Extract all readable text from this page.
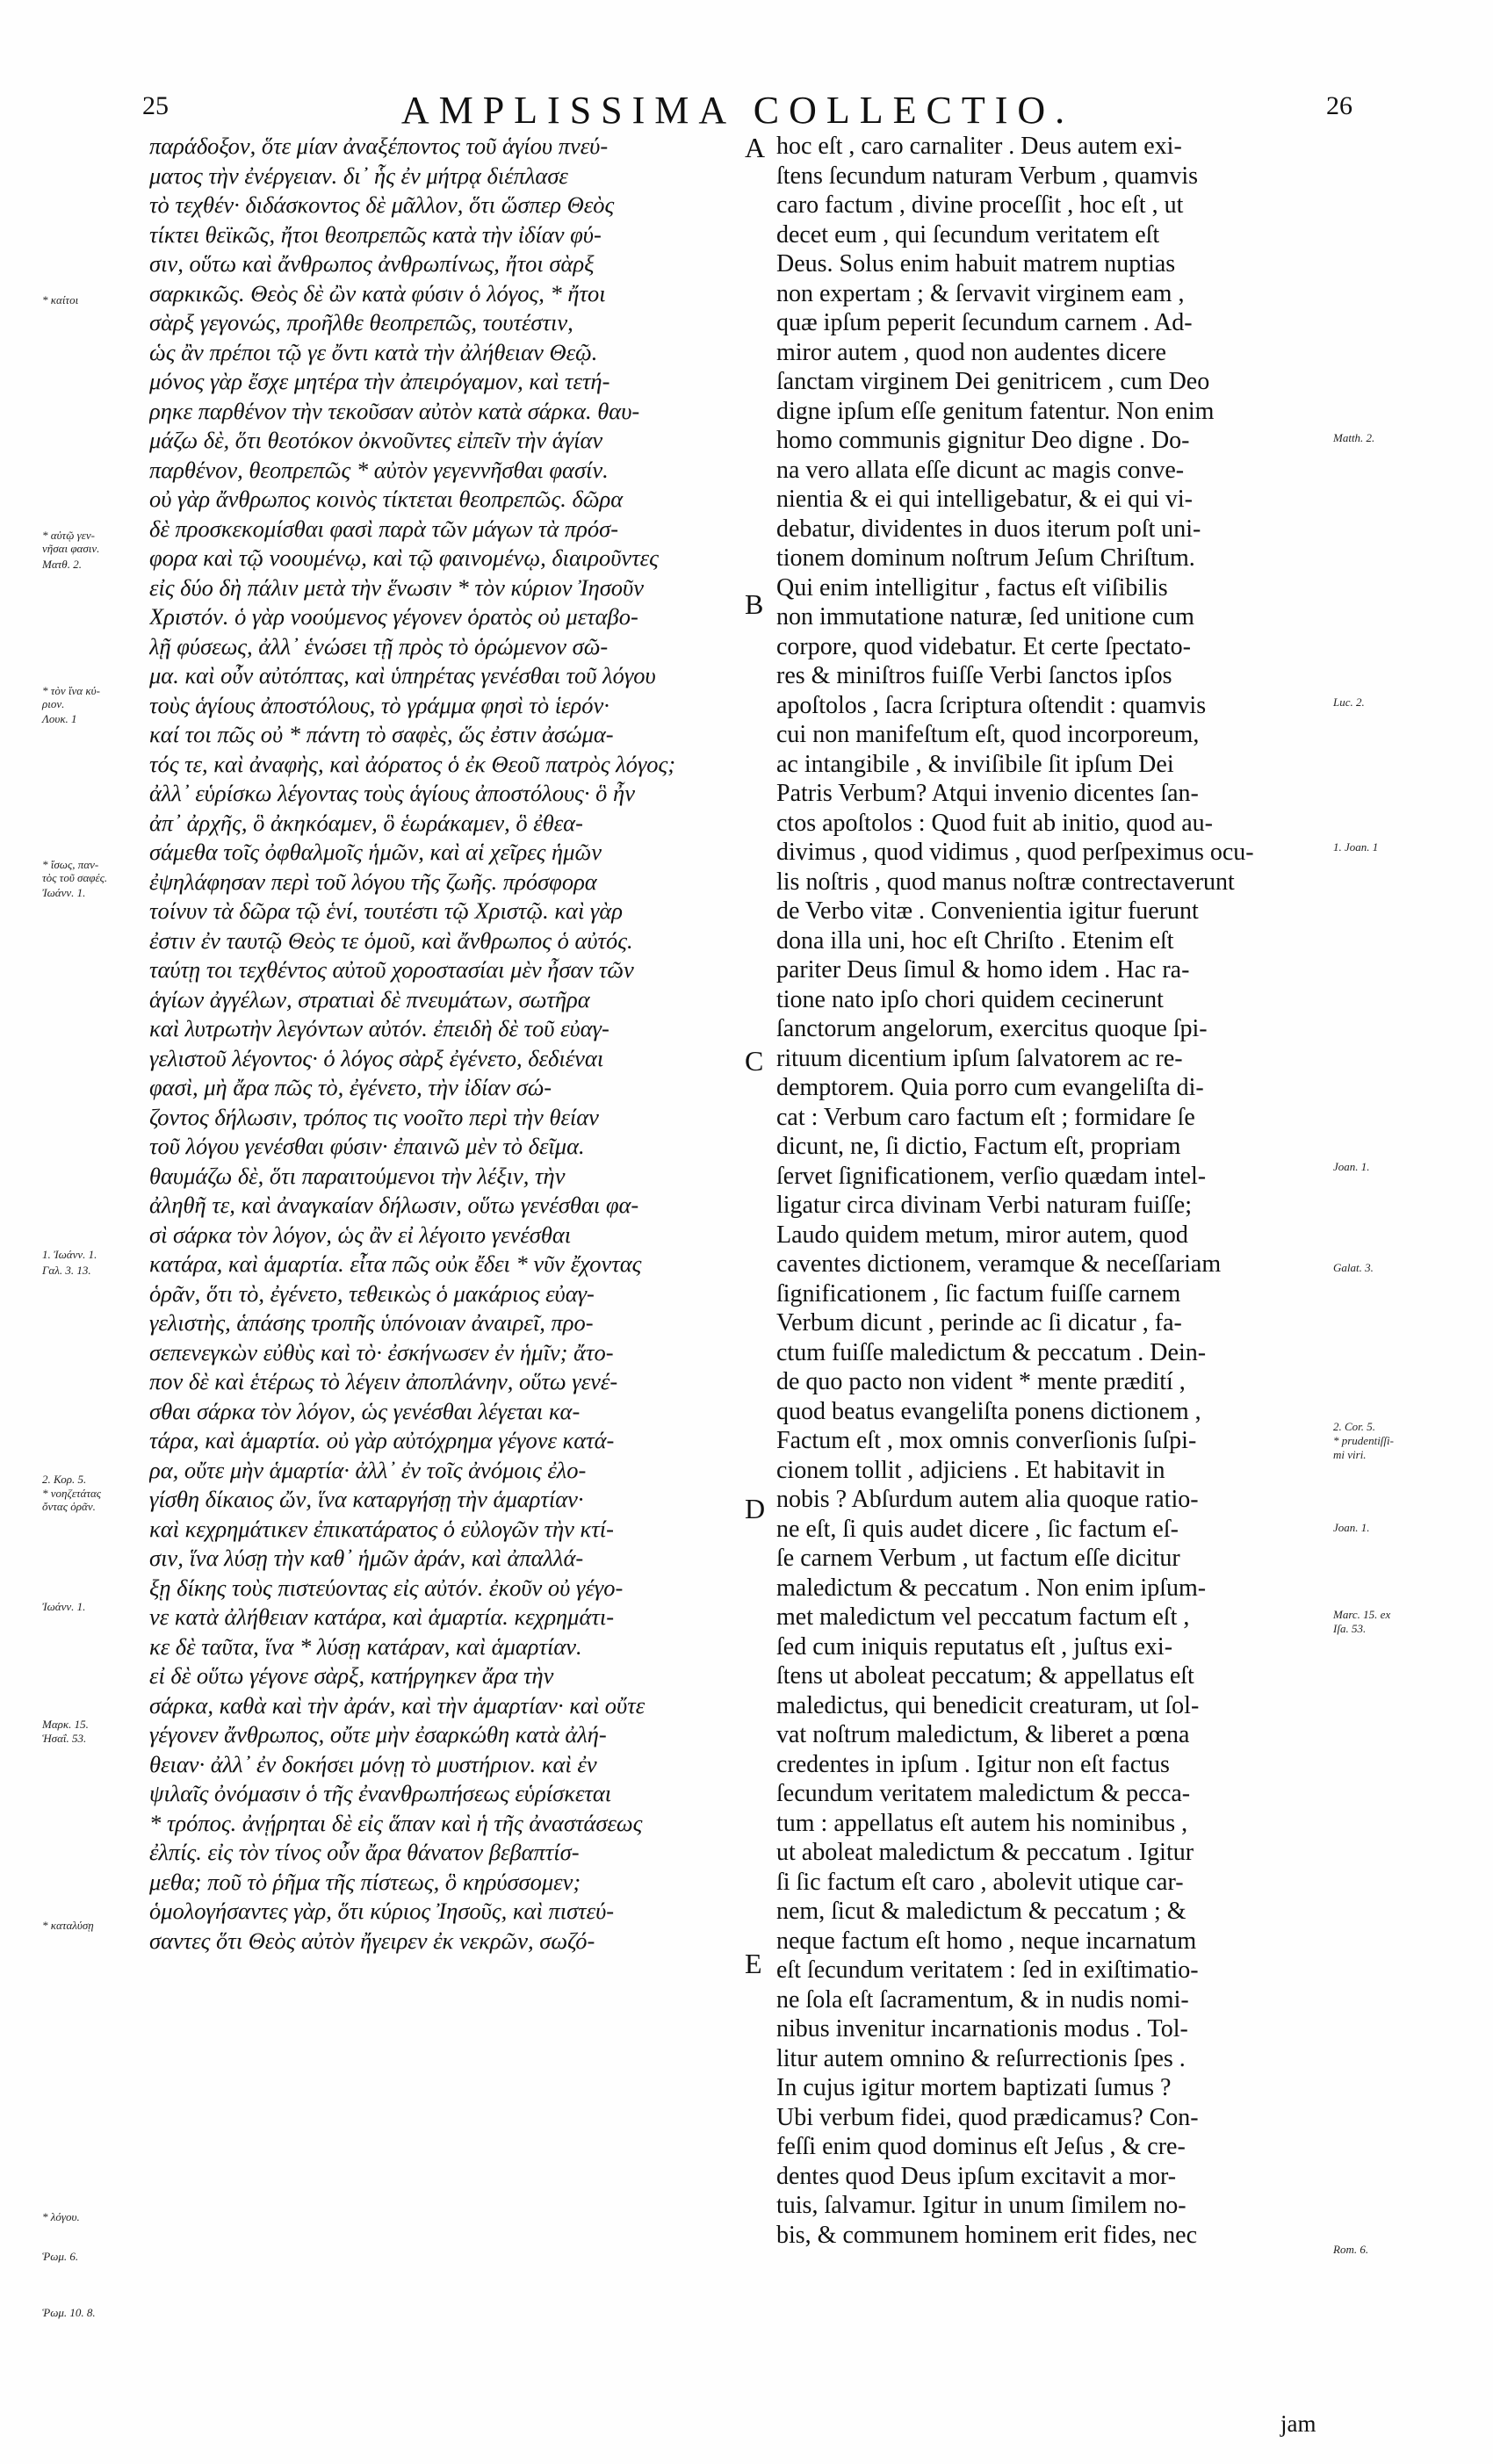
25	AMPLISSIMA COLLECTIO.	26
* καίτοι
* αὐτῷ γεν-
νῆσαι φασιν.
Ματθ. 2.
* τὸν ἵνα κύ-
ριον.
Λουκ. 1
* ἴσως, παν-
τὸς τοῦ σαφές.
Ἰωάνν. 1.
1. Ἰωάνν. 1.
Γαλ. 3. 13.
2. Κορ. 5.
* νοηζετάτας
ὄντας ὁρᾶν.
Ἰωάνν. 1.
Μαρκ. 15.
Ἡσαΐ. 53.
* καταλύσῃ
* λόγου.
Ῥωμ. 6.
Ῥωμ. 10. 8.
παράδοξον, ὅτε μίαν ἀναξέποντος τοῦ ἁγίου πνεύ-
ματος τὴν ἐνέργειαν. δι᾽ ἧς ἐν μήτρᾳ διέπλασε
τὸ τεχθέν· διδάσκοντος δὲ μᾶλλον, ὅτι ὥσπερ Θεὸς
τίκτει θεϊκῶς, ἤτοι θεοπρεπῶς κατὰ τὴν ἰδίαν φύ-
σιν, οὕτω καὶ ἄνθρωπος ἀνθρωπίνως, ἤτοι σὰρξ
σαρκικῶς. Θεὸς δὲ ὢν κατὰ φύσιν ὁ λόγος, * ἤτοι
σὰρξ γεγονώς, προῆλθε θεοπρεπῶς, τουτέστιν,
ὡς ἂν πρέποι τῷ γε ὄντι κατὰ τὴν ἀλήθειαν Θεῷ.
μόνος γὰρ ἔσχε μητέρα τὴν ἀπειρόγαμον, καὶ τετή-
ρηκε παρθένον τὴν τεκοῦσαν αὐτὸν κατὰ σάρκα. θαυ-
μάζω δὲ, ὅτι θεοτόκον ὀκνοῦντες εἰπεῖν τὴν ἁγίαν
παρθένον, θεοπρεπῶς * αὐτὸν γεγεννῆσθαι φασίν.
οὐ γὰρ ἄνθρωπος κοινὸς τίκτεται θεοπρεπῶς. δῶρα
δὲ προσκεκομίσθαι φασὶ παρὰ τῶν μάγων τὰ πρόσ-
φορα καὶ τῷ νοουμένῳ, καὶ τῷ φαινομένῳ, διαιροῦντες
εἰς δύο δὴ πάλιν μετὰ τὴν ἕνωσιν * τὸν κύριον Ἰησοῦν
Χριστόν. ὁ γὰρ νοούμενος γέγονεν ὁρατὸς οὐ μεταβο-
λῇ φύσεως, ἀλλ᾽ ἑνώσει τῇ πρὸς τὸ ὁρώμενον σῶ-
μα. καὶ οὖν αὐτόπτας, καὶ ὑπηρέτας γενέσθαι τοῦ λόγου
τοὺς ἁγίους ἀποστόλους, τὸ γράμμα φησὶ τὸ ἱερόν·
καί τοι πῶς οὐ * πάντη τὸ σαφὲς, ὥς ἐστιν ἀσώμα-
τός τε, καὶ ἀναφὴς, καὶ ἀόρατος ὁ ἐκ Θεοῦ πατρὸς λόγος;
ἀλλ᾽ εὑρίσκω λέγοντας τοὺς ἁγίους ἀποστόλους· ὃ ἦν
ἀπ᾽ ἀρχῆς, ὃ ἀκηκόαμεν, ὃ ἑωράκαμεν, ὃ ἐθεα-
σάμεθα τοῖς ὀφθαλμοῖς ἡμῶν, καὶ αἱ χεῖρες ἡμῶν
ἐψηλάφησαν περὶ τοῦ λόγου τῆς ζωῆς. πρόσφορα
τοίνυν τὰ δῶρα τῷ ἑνί, τουτέστι τῷ Χριστῷ. καὶ γὰρ
ἐστιν ἐν ταυτῷ Θεὸς τε ὁμοῦ, καὶ ἄνθρωπος ὁ αὐτός.
ταύτῃ τοι τεχθέντος αὐτοῦ χοροστασίαι μὲν ἦσαν τῶν
ἁγίων ἀγγέλων, στρατιαὶ δὲ πνευμάτων, σωτῆρα
καὶ λυτρωτὴν λεγόντων αὐτόν. ἐπειδὴ δὲ τοῦ εὐαγ-
γελιστοῦ λέγοντος· ὁ λόγος σὰρξ ἐγένετο, δεδιέναι
φασὶ, μὴ ἄρα πῶς τὸ, ἐγένετο, τὴν ἰδίαν σώ-
ζοντος δήλωσιν, τρόπος τις νοοῖτο περὶ τὴν θείαν
τοῦ λόγου γενέσθαι φύσιν· ἐπαινῶ μὲν τὸ δεῖμα.
θαυμάζω δὲ, ὅτι παραιτούμενοι τὴν λέξιν, τὴν
ἀληθῆ τε, καὶ ἀναγκαίαν δήλωσιν, οὕτω γενέσθαι φα-
σὶ σάρκα τὸν λόγον, ὡς ἂν εἰ λέγοιτο γενέσθαι
κατάρα, καὶ ἁμαρτία. εἶτα πῶς οὐκ ἔδει * νῦν ἔχοντας
ὁρᾶν, ὅτι τὸ, ἐγένετο, τεθεικὼς ὁ μακάριος εὐαγ-
γελιστὴς, ἁπάσης τροπῆς ὑπόνοιαν ἀναιρεῖ, προ-
σεπενεγκὼν εὐθὺς καὶ τὸ· ἐσκήνωσεν ἐν ἡμῖν; ἄτο-
πον δὲ καὶ ἑτέρως τὸ λέγειν ἀποπλάνην, οὕτω γενέ-
σθαι σάρκα τὸν λόγον, ὡς γενέσθαι λέγεται κα-
τάρα, καὶ ἁμαρτία. οὐ γὰρ αὐτόχρημα γέγονε κατά-
ρα, οὔτε μὴν ἁμαρτία· ἀλλ᾽ ἐν τοῖς ἀνόμοις ἐλο-
γίσθη δίκαιος ὤν, ἵνα καταργήσῃ τὴν ἁμαρτίαν·
καὶ κεχρημάτικεν ἐπικατάρατος ὁ εὐλογῶν τὴν κτί-
σιν, ἵνα λύσῃ τὴν καθ᾽ ἡμῶν ἀράν, καὶ ἀπαλλά-
ξῃ δίκης τοὺς πιστεύοντας εἰς αὐτόν. ἐκοῦν οὐ γέγο-
νε κατὰ ἀλήθειαν κατάρα, καὶ ἁμαρτία. κεχρημάτι-
κε δὲ ταῦτα, ἵνα * λύσῃ κατάραν, καὶ ἁμαρτίαν.
εἰ δὲ οὕτω γέγονε σὰρξ, κατήργηκεν ἄρα τὴν
σάρκα, καθὰ καὶ τὴν ἀράν, καὶ τὴν ἁμαρτίαν· καὶ οὔτε
γέγονεν ἄνθρωπος, οὔτε μὴν ἐσαρκώθη κατὰ ἀλή-
θειαν· ἀλλ᾽ ἐν δοκήσει μόνῃ τὸ μυστήριον. καὶ ἐν
ψιλαῖς ὀνόμασιν ὁ τῆς ἐνανθρωπήσεως εὑρίσκεται
* τρόπος. ἀνῄρηται δὲ εἰς ἅπαν καὶ ἡ τῆς ἀναστάσεως
ἐλπίς. εἰς τὸν τίνος οὖν ἄρα θάνατον βεβαπτίσ-
μεθα; ποῦ τὸ ῥῆμα τῆς πίστεως, ὃ κηρύσσομεν;
ὁμολογήσαντες γὰρ, ὅτι κύριος Ἰησοῦς, καὶ πιστεύ-
σαντες ὅτι Θεὸς αὐτὸν ἤγειρεν ἐκ νεκρῶν, σωζό-
A
B
C
D
E
hoc eſt , caro carnaliter . Deus autem exi-
ſtens ſecundum naturam Verbum , quamvis
caro factum , divine proceſſit , hoc eſt , ut
decet eum , qui ſecundum veritatem eſt
Deus. Solus enim habuit matrem nuptias
non expertam ; & ſervavit virginem eam ,
quæ ipſum peperit ſecundum carnem . Ad-
miror autem , quod non audentes dicere
ſanctam virginem Dei genitricem , cum Deo
digne ipſum eſſe genitum fatentur. Non enim
homo communis gignitur Deo digne . Do-
na vero allata eſſe dicunt ac magis conve-
nientia & ei qui intelligebatur, & ei qui vi-
debatur, dividentes in duos iterum poſt uni-
tionem dominum noſtrum Jeſum Chriſtum.
Qui enim intelligitur , factus eſt viſibilis
non immutatione naturæ, ſed unitione cum
corpore, quod videbatur. Et certe ſpectato-
res & miniſtros fuiſſe Verbi ſanctos ipſos
apoſtolos , ſacra ſcriptura oſtendit : quamvis
cui non manifeſtum eſt, quod incorporeum,
ac intangibile , & inviſibile ſit ipſum Dei
Patris Verbum? Atqui invenio dicentes ſan-
ctos apoſtolos : Quod fuit ab initio, quod au-
divimus , quod vidimus , quod perſpeximus ocu-
lis noſtris , quod manus noſtræ contrectaverunt
de Verbo vitæ . Convenientia igitur fuerunt
dona illa uni, hoc eſt Chriſto . Etenim eſt
pariter Deus ſimul & homo idem . Hac ra-
tione nato ipſo chori quidem cecinerunt
ſanctorum angelorum, exercitus quoque ſpi-
rituum dicentium ipſum ſalvatorem ac re-
demptorem. Quia porro cum evangeliſta di-
cat : Verbum caro factum eſt ; formidare ſe
dicunt, ne, ſi dictio, Factum eſt, propriam
ſervet ſignificationem, verſio quædam intel-
ligatur circa divinam Verbi naturam fuiſſe;
Laudo quidem metum, miror autem, quod
caventes dictionem, veramque & neceſſariam
ſignificationem , ſic factum fuiſſe carnem
Verbum dicunt , perinde ac ſi dicatur , fa-
ctum fuiſſe maledictum & peccatum . Dein-
de quo pacto non vident * mente prædití ,
quod beatus evangeliſta ponens dictionem ,
Factum eſt , mox omnis converſionis ſuſpi-
cionem tollit , adjiciens . Et habitavit in
nobis ? Abſurdum autem alia quoque ratio-
ne eſt, ſi quis audet dicere , ſic factum eſ-
ſe carnem Verbum , ut factum eſſe dicitur
maledictum & peccatum . Non enim ipſum-
met maledictum vel peccatum factum eſt ,
ſed cum iniquis reputatus eſt , juſtus exi-
ſtens ut aboleat peccatum; & appellatus eſt
maledictus, qui benedicit creaturam, ut ſol-
vat noſtrum maledictum, & liberet a pœna
credentes in ipſum . Igitur non eſt factus
ſecundum veritatem maledictum & pecca-
tum : appellatus eſt autem his nominibus ,
ut aboleat maledictum & peccatum . Igitur
ſi ſic factum eſt caro , abolevit utique car-
nem, ſicut & maledictum & peccatum ; &
neque factum eſt homo , neque incarnatum
eſt ſecundum veritatem : ſed in exiſtimatio-
ne ſola eſt ſacramentum, & in nudis nomi-
nibus invenitur incarnationis modus . Tol-
litur autem omnino & reſurrectionis ſpes .
In cujus igitur mortem baptizati ſumus ?
Ubi verbum fidei, quod prædicamus? Con-
feſſi enim quod dominus eſt Jeſus , & cre-
dentes quod Deus ipſum excitavit a mor-
tuis, ſalvamur. Igitur in unum ſimilem no-
bis, & communem hominem erit fides, nec
Matth. 2.
Luc. 2.
1. Joan. 1
Joan. 1.
Galat. 3.
2. Cor. 5.
* prudentiſſi-
mi viri.
Joan. 1.
Marc. 15. ex
Iſa. 53.
Rom. 6.
jam
